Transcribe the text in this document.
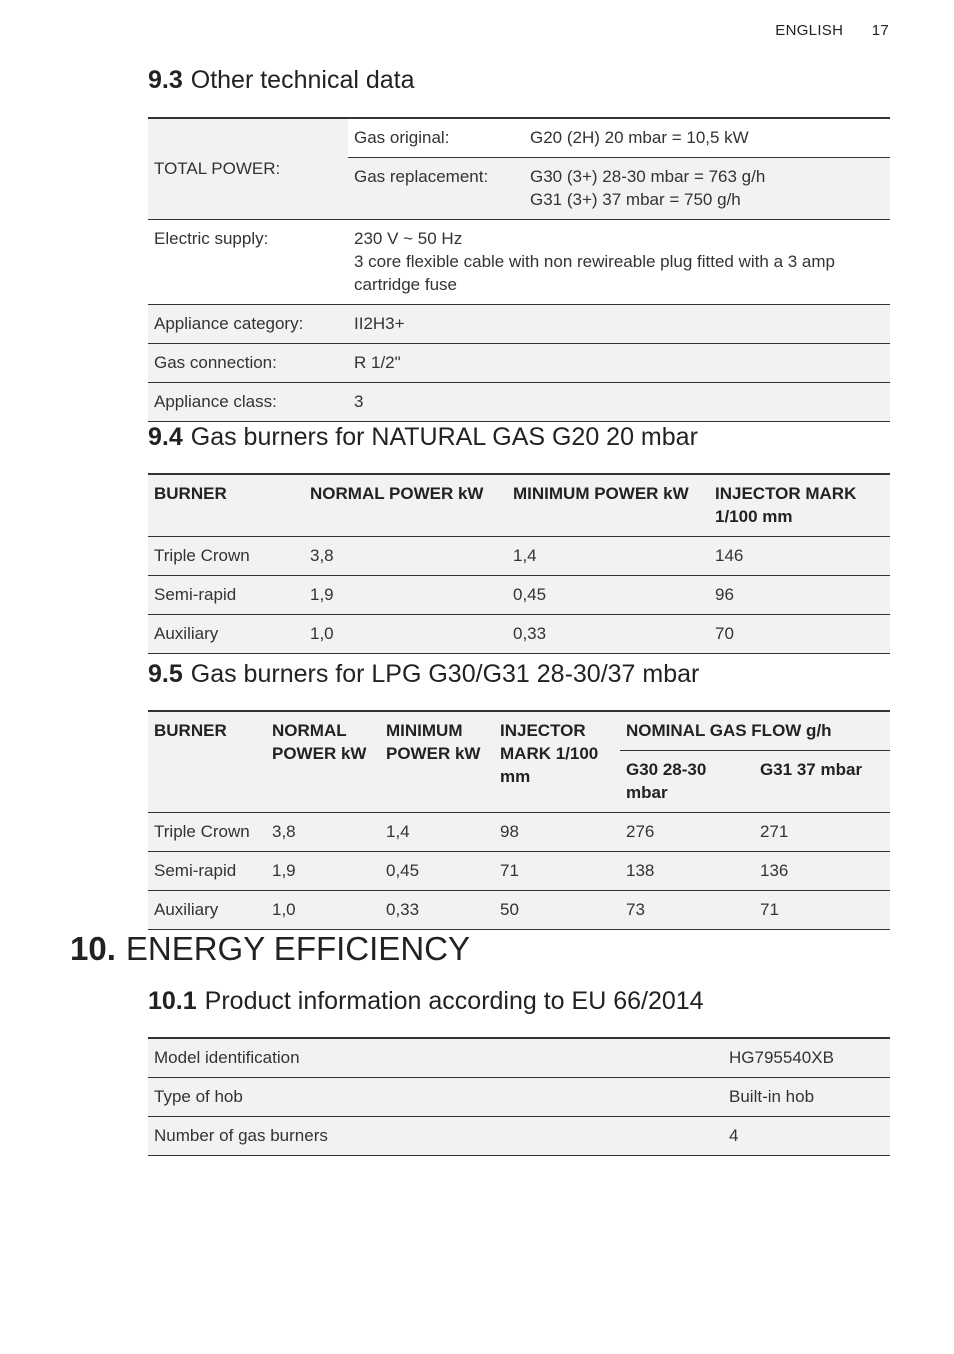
ENGLISH 17
9.3 Other technical data
TOTAL POWER:	Gas original:	G20 (2H) 20 mbar = 10,5 kW
	Gas replacement:	G30 (3+) 28-30 mbar = 763 g/h
G31 (3+) 37 mbar = 750 g/h

Electric supply:	230 V ~ 50 Hz
3 core flexible cable with non rewireable plug fitted with a 3 amp cartridge fuse	

Appliance category:	II2H3+	
Gas connection:	R 1/2"	
Appliance class:	3	
9.4 Gas burners for NATURAL GAS G20 20 mbar
BURNER	NORMAL POWER kW	MINIMUM POWER kW	INJECTOR MARK 1/100 mm
Triple Crown	3,8	1,4	146
Semi-rapid	1,9	0,45	96
Auxiliary	1,0	0,33	70
9.5 Gas burners for LPG G30/G31 28-30/37 mbar
BURNER	NORMAL POWER kW	MINIMUM POWER kW	INJECTOR MARK 1/100 mm	NOMINAL GAS FLOW g/h	
				G30 28-30 mbar	G31 37 mbar
Triple Crown	3,8	1,4	98	276	271
Semi-rapid	1,9	0,45	71	138	136
Auxiliary	1,0	0,33	50	73	71
10. ENERGY EFFICIENCY
10.1 Product information according to EU 66/2014
Model identification	HG795540XB
Type of hob	Built-in hob
Number of gas burners	4
